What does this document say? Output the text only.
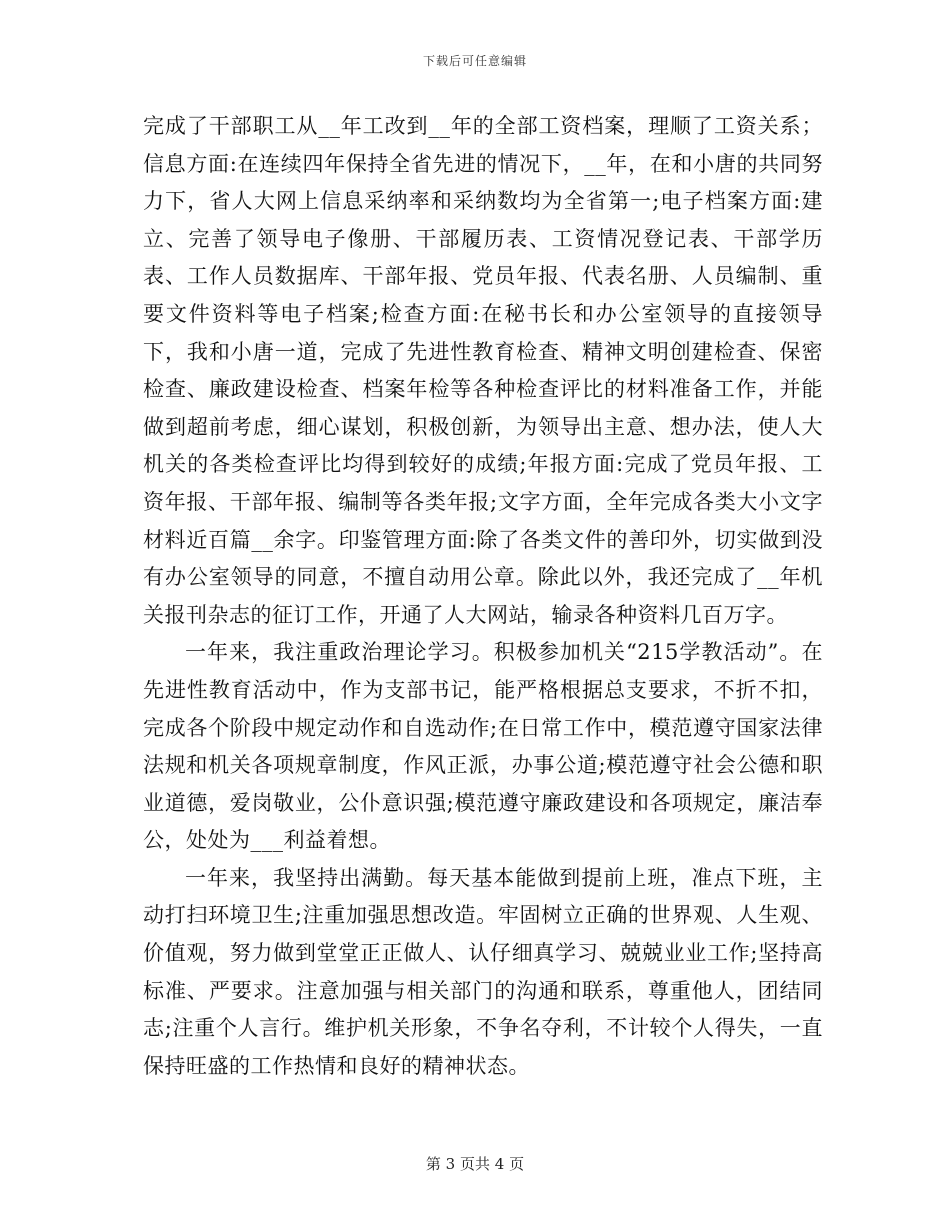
下载后可任意编辑

完成了干部职工从__年工改到__年的全部工资档案，理顺了工资关系；信息方面:在连续四年保持全省先进的情况下，__年，在和小唐的共同努力下，省人大网上信息采纳率和采纳数均为全省第一;电子档案方面:建立、完善了领导电子像册、干部履历表、工资情况登记表、干部学历表、工作人员数据库、干部年报、党员年报、代表名册、人员编制、重要文件资料等电子档案;检查方面:在秘书长和办公室领导的直接领导下，我和小唐一道，完成了先进性教育检查、精神文明创建检查、保密检查、廉政建设检查、档案年检等各种检查评比的材料准备工作，并能做到超前考虑，细心谋划，积极创新，为领导出主意、想办法，使人大机关的各类检查评比均得到较好的成绩;年报方面:完成了党员年报、工资年报、干部年报、编制等各类年报;文字方面，全年完成各类大小文字材料近百篇__余字。印鉴管理方面:除了各类文件的善印外，切实做到没有办公室领导的同意，不擅自动用公章。除此以外，我还完成了__年机关报刊杂志的征订工作，开通了人大网站，输录各种资料几百万字。

一年来，我注重政治理论学习。积极参加机关“215学教活动”。在先进性教育活动中，作为支部书记，能严格根据总支要求，不折不扣，完成各个阶段中规定动作和自选动作;在日常工作中，模范遵守国家法律法规和机关各项规章制度，作风正派，办事公道;模范遵守社会公德和职业道德，爱岗敬业，公仆意识强;模范遵守廉政建设和各项规定，廉洁奉公，处处为___利益着想。

一年来，我坚持出满勤。每天基本能做到提前上班，准点下班，主动打扫环境卫生;注重加强思想改造。牢固树立正确的世界观、人生观、价值观，努力做到堂堂正正做人、认仔细真学习、兢兢业业工作;坚持高标准、严要求。注意加强与相关部门的沟通和联系，尊重他人，团结同志;注重个人言行。维护机关形象，不争名夺利，不计较个人得失，一直保持旺盛的工作热情和良好的精神状态。

第 3 页共 4 页
